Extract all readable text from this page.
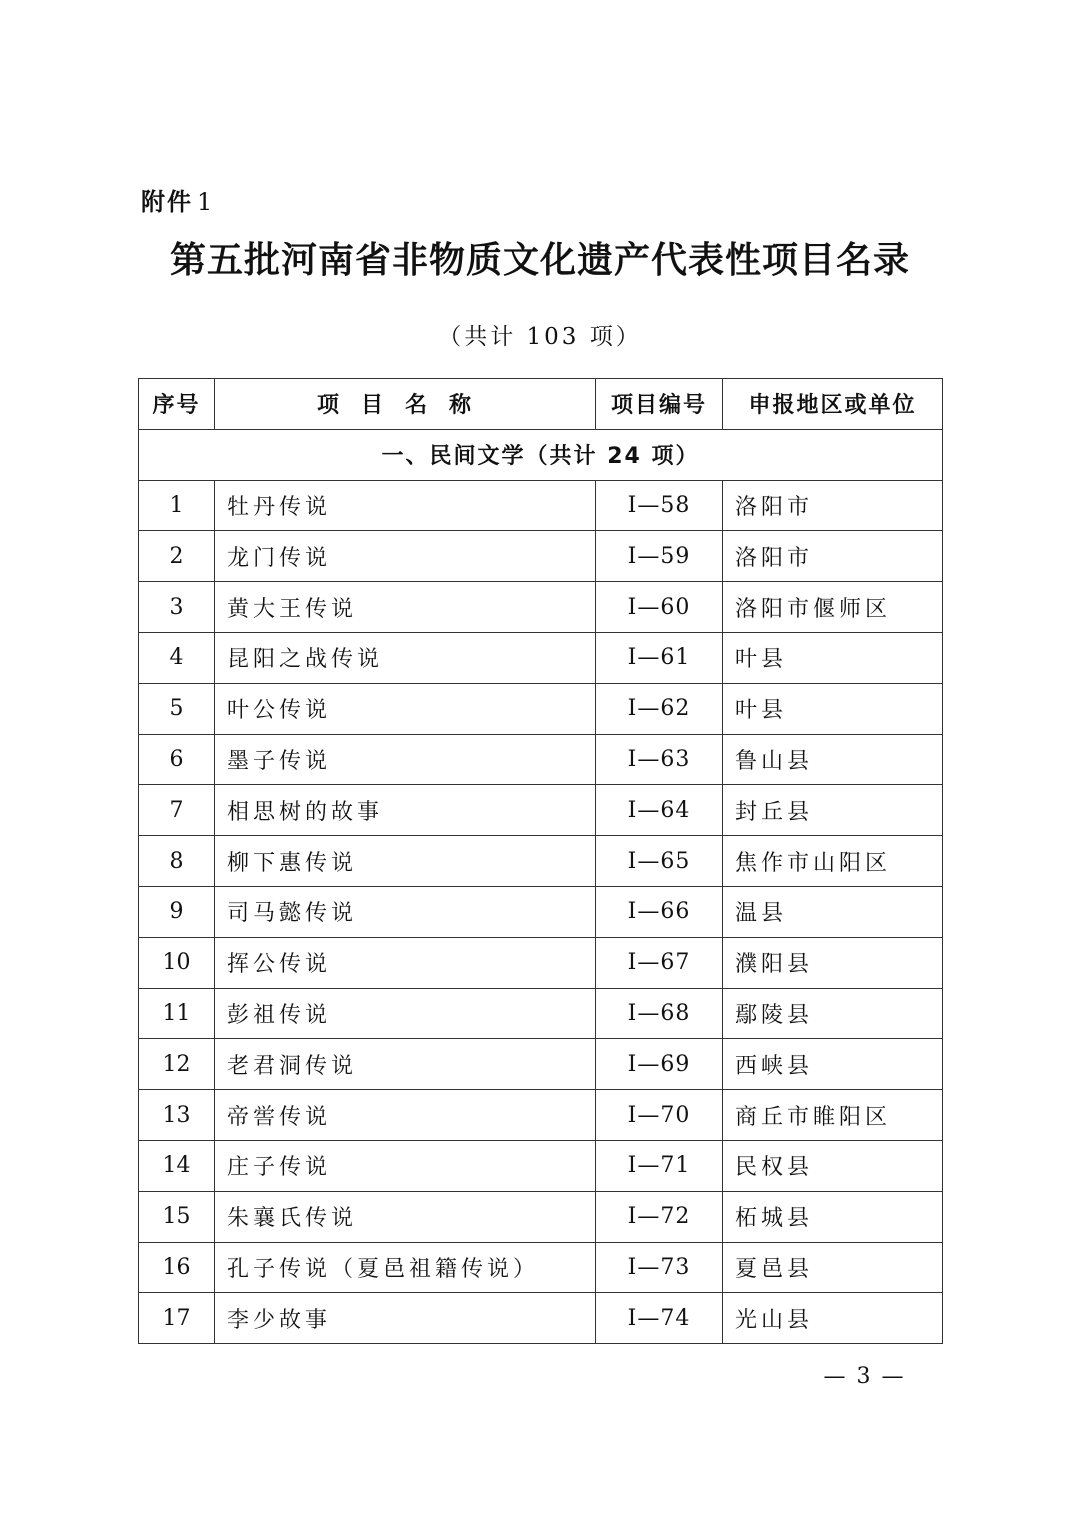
附件 1
第五批河南省非物质文化遗产代表性项目名录
（共计 103 项）
序号	项目名称	项目编号	申报地区或单位
一、民间文学（共计 24 项）			
1	牡丹传说	I—58	洛阳市
2	龙门传说	I—59	洛阳市
3	黄大王传说	I—60	洛阳市偃师区
4	昆阳之战传说	I—61	叶县
5	叶公传说	I—62	叶县
6	墨子传说	I—63	鲁山县
7	相思树的故事	I—64	封丘县
8	柳下惠传说	I—65	焦作市山阳区
9	司马懿传说	I—66	温县
10	挥公传说	I—67	濮阳县
11	彭祖传说	I—68	鄢陵县
12	老君洞传说	I—69	西峡县
13	帝喾传说	I—70	商丘市睢阳区
14	庄子传说	I—71	民权县
15	朱襄氏传说	I—72	柘城县
16	孔子传说（夏邑祖籍传说）	I—73	夏邑县
17	李少故事	I—74	光山县
— 3 —
